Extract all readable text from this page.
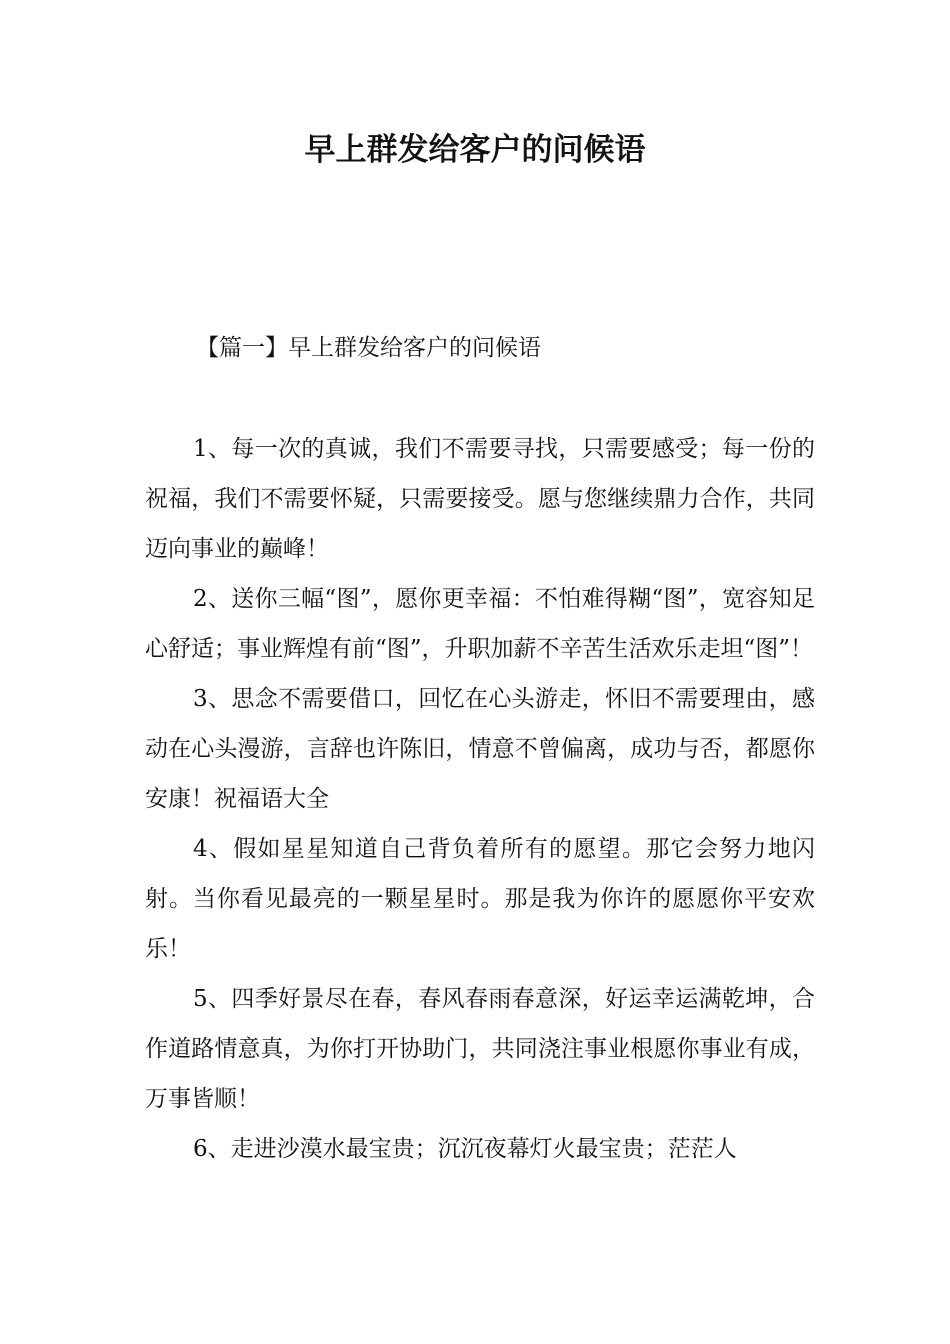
早上群发给客户的问候语

【篇一】早上群发给客户的问候语

1、每一次的真诚，我们不需要寻找，只需要感受；每一份的祝福，我们不需要怀疑，只需要接受。愿与您继续鼎力合作，共同迈向事业的巅峰！

2、送你三幅“图”，愿你更幸福：不怕难得糊“图”，宽容知足心舒适；事业辉煌有前“图”，升职加薪不辛苦生活欢乐走坦“图”！

3、思念不需要借口，回忆在心头游走，怀旧不需要理由，感动在心头漫游，言辞也许陈旧，情意不曾偏离，成功与否，都愿你安康！祝福语大全

4、假如星星知道自己背负着所有的愿望。那它会努力地闪射。当你看见最亮的一颗星星时。那是我为你许的愿愿你平安欢乐！

5、四季好景尽在春，春风春雨春意深，好运幸运满乾坤，合作道路情意真，为你打开协助门，共同浇注事业根愿你事业有成，万事皆顺！

6、走进沙漠水最宝贵；沉沉夜幕灯火最宝贵；茫茫人
